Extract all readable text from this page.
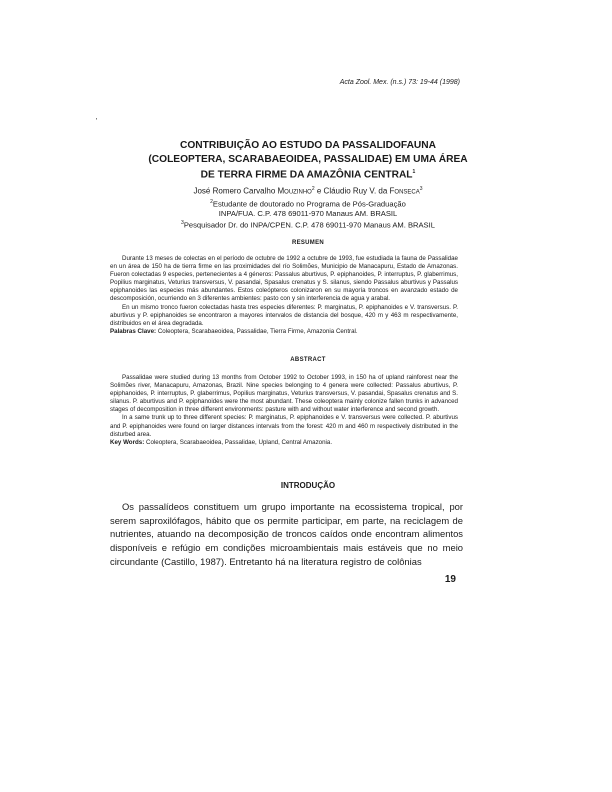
Acta Zool. Mex. (n.s.) 73: 19-44 (1998)
'
CONTRIBUIÇÃO AO ESTUDO DA PASSALIDOFAUNA
(COLEOPTERA, SCARABAEOIDEA, PASSALIDAE) EM UMA ÁREA
DE TERRA FIRME DA AMAZÔNIA CENTRAL$^1$
José Romero Carvalho Mouzinho$^2$ e Cláudio Ruy V. da Fonseca$^3$
$^2$Estudante de doutorado no Programa de Pós-Graduação
INPA/FUA. C.P. 478 69011-970 Manaus AM. BRASIL
$^3$Pesquisador Dr. do INPA/CPEN. C.P. 478 69011-970 Manaus AM. BRASIL
RESUMEN

Durante 13 meses de colectas en el período de octubre de 1992 a octubre de 1993, fue estudiada la fauna de Passalidae en un área de 150 ha de tierra firme en las proximidades del río Solimões, Municipio de Manacapuru, Estado de Amazonas. Fueron colectadas 9 especies, pertenecientes a 4 géneros: Passalus aburtivus, P. epiphanoides, P. interruptus, P. glaberrimus, Popilius marginatus, Veturius transversus, V. pasandai, Spasalus crenatus y S. silanus, siendo Passalus aburtivus y Passalus epiphanoides las especies más abundantes. Estos coleópteros colonizaron en su mayoría troncos en avanzado estado de descomposición, ocurriendo en 3 diferentes ambientes: pasto con y sin interferencia de agua y arabal.

En un mismo tronco fueron colectadas hasta tres especies diferentes: P. marginatus, P. epiphanoides e V. transversus. P. aburtivus y P. epiphanoides se encontraron a mayores intervalos de distancia del bosque, 420 m y 463 m respectivamente, distribuidos en el área degradada.

Palabras Clave: Coleoptera, Scarabaeoidea, Passalidae, Tierra Firme, Amazonia Central.

ABSTRACT

Passalidae were studied during 13 months from October 1992 to October 1993, in 150 ha of upland rainforest near the Solimões river, Manacapuru, Amazonas, Brazil. Nine species belonging to 4 genera were collected: Passalus aburtivus, P. epiphanoides, P. interruptus, P. glaberrimus, Popilius marginatus, Veturius transversus, V. pasandai, Spasalus crenatus and S. silanus. P. aburtivus and P. epiphanoides were the most abundant. These coleoptera mainly colonize fallen trunks in advanced stages of decomposition in three different environments: pasture with and without water interference and second growth.

In a same trunk up to three different species: P. marginatus, P. epiphanoides e V. transversus were collected. P. aburtivus and P. epiphanoides were found on larger distances intervals from the forest: 420 m and 460 m respectively distributed in the disturbed area.

Key Words: Coleoptera, Scarabaeoidea, Passalidae, Upland, Central Amazonia.

INTRODUÇÃO

Os passalídeos constituem um grupo importante na ecossistema tropical, por serem saproxilófagos, hábito que os permite participar, em parte, na reciclagem de nutrientes, atuando na decomposição de troncos caídos onde encontram alimentos disponíveis e refúgio em condições microambientais mais estáveis que no meio circundante (Castillo, 1987). Entretanto há na literatura registro de colônias

19
